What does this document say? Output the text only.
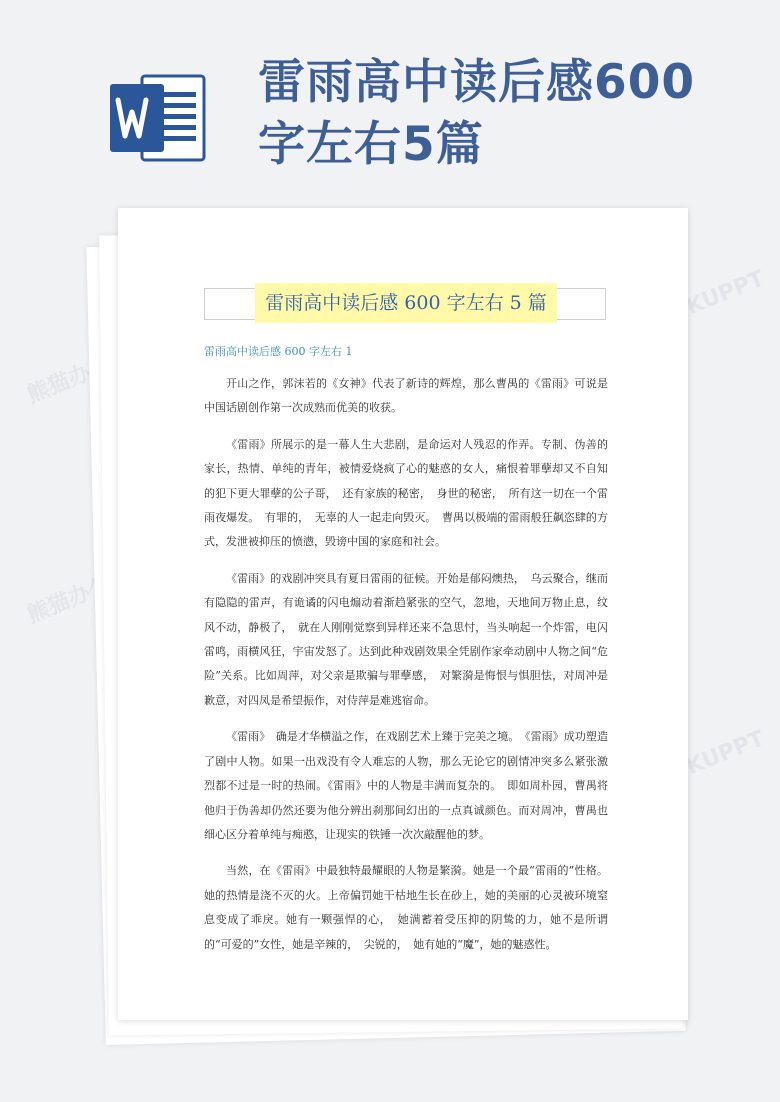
雷雨高中读后感600字左右5篇
熊猫办公
熊猫办公
TUKUPPT
TUKUPPT
雷雨高中读后感 600 字左右 5 篇
雷雨高中读后感 600 字左右 1

开山之作，郭沫若的《女神》代表了新诗的辉煌，那么曹禺的《雷雨》可说是中国话剧创作第一次成熟而优美的收获。

《雷雨》所展示的是一幕人生大悲剧，是命运对人残忍的作弄。专制、伪善的家长，热情、单纯的青年，被情爱烧疯了心的魅惑的女人，痛恨着罪孽却又不自知的犯下更大罪孽的公子哥，　还有家族的秘密，　身世的秘密，　所有这一切在一个雷雨夜爆发。　有罪的，　无辜的人一起走向毁灭。　曹禺以极端的雷雨般狂飙恣肆的方式，发泄被抑压的愤懑，毁谤中国的家庭和社会。

《雷雨》的戏剧冲突具有夏日雷雨的征候。开始是郁闷燠热，　乌云聚合，继而有隐隐的雷声，有诡谲的闪电煽动着渐趋紧张的空气，忽地，天地间万物止息，纹风不动，静极了，　就在人刚刚觉察到异样还来不急思忖，当头响起一个炸雷，电闪雷鸣，雨横风狂，宇宙发怒了。达到此种戏剧效果全凭剧作家牵动剧中人物之间“危险”关系。比如周萍，对父亲是欺骗与罪孽感，　对繁漪是悔恨与惧胆怯，对周冲是歉意，对四凤是希望振作，对侍萍是难逃宿命。

《雷雨》　确是才华横溢之作，在戏剧艺术上臻于完美之境。　《雷雨》成功塑造了剧中人物。如果一出戏没有令人难忘的人物，那么无论它的剧情冲突多么紧张激烈都不过是一时的热闹。《雷雨》中的人物是丰满而复杂的。　即如周朴园，曹禺将他归于伪善却仍然还要为他分辨出刹那间幻出的一点真诚颜色。而对周冲，曹禺也细心区分着单纯与痴憨，让现实的铁锤一次次敲醒他的梦。

当然，在《雷雨》中最独特最耀眼的人物是繁漪。她是一个最“雷雨的”性格。她的热情是浇不灭的火。上帝偏罚她干枯地生长在砂上，她的美丽的心灵被环境窒息变成了乖戾。她有一颗强悍的心，　她满蓄着受压抑的阴鸷的力，她不是所谓的“可爱的”女性，她是辛辣的，　尖锐的，　她有她的“魔”，她的魅惑性。
